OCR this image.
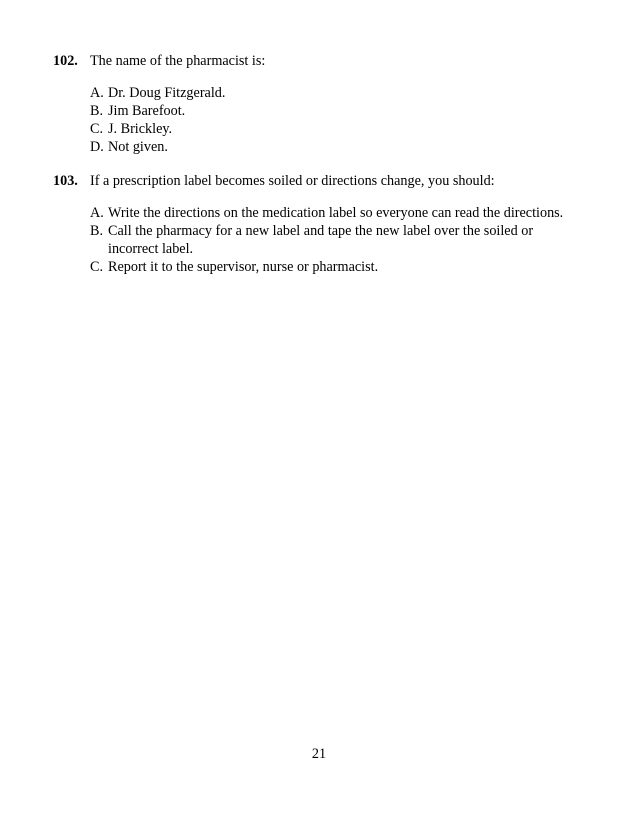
102. The name of the pharmacist is:
A. Dr. Doug Fitzgerald.
B. Jim Barefoot.
C. J. Brickley.
D. Not given.
103. If a prescription label becomes soiled or directions change, you should:
A. Write the directions on the medication label so everyone can read the directions.
B. Call the pharmacy for a new label and tape the new label over the soiled or incorrect label.
C. Report it to the supervisor, nurse or pharmacist.
21
